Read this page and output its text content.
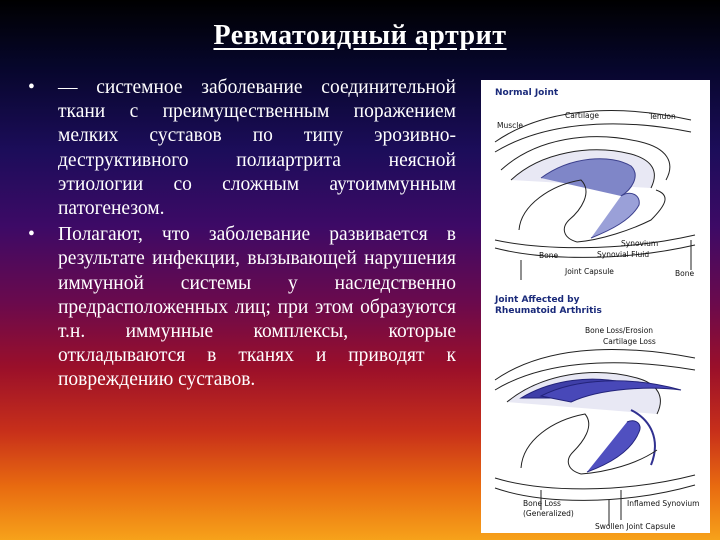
Ревматоидный артрит
•	— системное заболевание соединительной ткани с преимущественным поражением мелких суставов по типу эрозивно-деструктивного полиартрита неясной этиологии со сложным аутоиммунным патогенезом.
•	Полагают, что заболевание развивается в результате инфекции, вызывающей нарушения иммунной системы у наследственно предрасположенных лиц; при этом образуются т.н. иммунные комплексы, которые откладываются в тканях и приводят к повреждению суставов.
Normal Joint
Cartilage	Tendon
Muscle
Synovium
Synovial Fluid
Bone
Joint Capsule	Bone
Joint Affected by
Rheumatoid Arthritis
Bone Loss/Erosion
Cartilage Loss
Bone Loss
(Generalized)
Inflamed Synovium
Swollen Joint Capsule
